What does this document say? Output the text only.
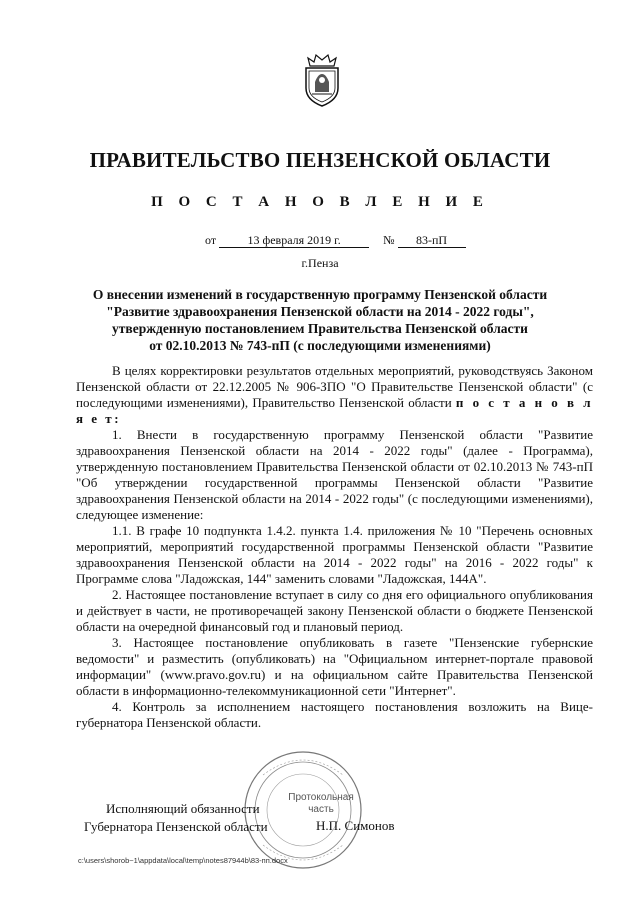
ПРАВИТЕЛЬСТВО ПЕНЗЕНСКОЙ ОБЛАСТИ
П О С Т А Н О В Л Е Н И Е
от	13 февраля 2019 г.	№ 83-пП
г.Пенза
О внесении изменений в государственную программу Пензенской области
"Развитие здравоохранения Пензенской области на 2014 - 2022 годы",
утвержденную постановлением Правительства Пензенской области
от 02.10.2013 № 743-пП (с последующими изменениями)

В целях корректировки результатов отдельных мероприятий, руководствуясь Законом Пензенской области от 22.12.2005 № 906-ЗПО "О Правительстве Пензенской области" (с последующими изменениями), Правительство Пензенской области п о с т а н о в л я е т:

1. Внести в государственную программу Пензенской области "Развитие здравоохранения Пензенской области на 2014 - 2022 годы" (далее - Программа), утвержденную постановлением Правительства Пензенской области от 02.10.2013 № 743-пП "Об утверждении государственной программы Пензенской области "Развитие здравоохранения Пензенской области на 2014 - 2022 годы" (с последующими изменениями), следующее изменение:

1.1. В графе 10 подпункта 1.4.2. пункта 1.4. приложения № 10 "Перечень основных мероприятий, мероприятий государственной программы Пензенской области "Развитие здравоохранения Пензенской области на 2014 - 2022 годы" на 2016 - 2022 годы" к Программе слова "Ладожская, 144" заменить словами "Ладожская, 144А".

2. Настоящее постановление вступает в силу со дня его официального опубликования и действует в части, не противоречащей закону Пензенской области о бюджете Пензенской области на очередной финансовый год и плановый период.

3. Настоящее постановление опубликовать в газете "Пензенские губернские ведомости" и разместить (опубликовать) на "Официальном интернет-портале правовой информации" (www.pravo.gov.ru) и на официальном сайте Правительства Пензенской области в информационно-телекоммуникационной сети "Интернет".

4. Контроль за исполнением настоящего постановления возложить на Вице-губернатора Пензенской области.

Протокольная
часть
Исполняющий обязанности
Губернатора Пензенской области	Н.П. Симонов
c:\users\shorob~1\appdata\local\temp\notes87944b\83-пп.docx
